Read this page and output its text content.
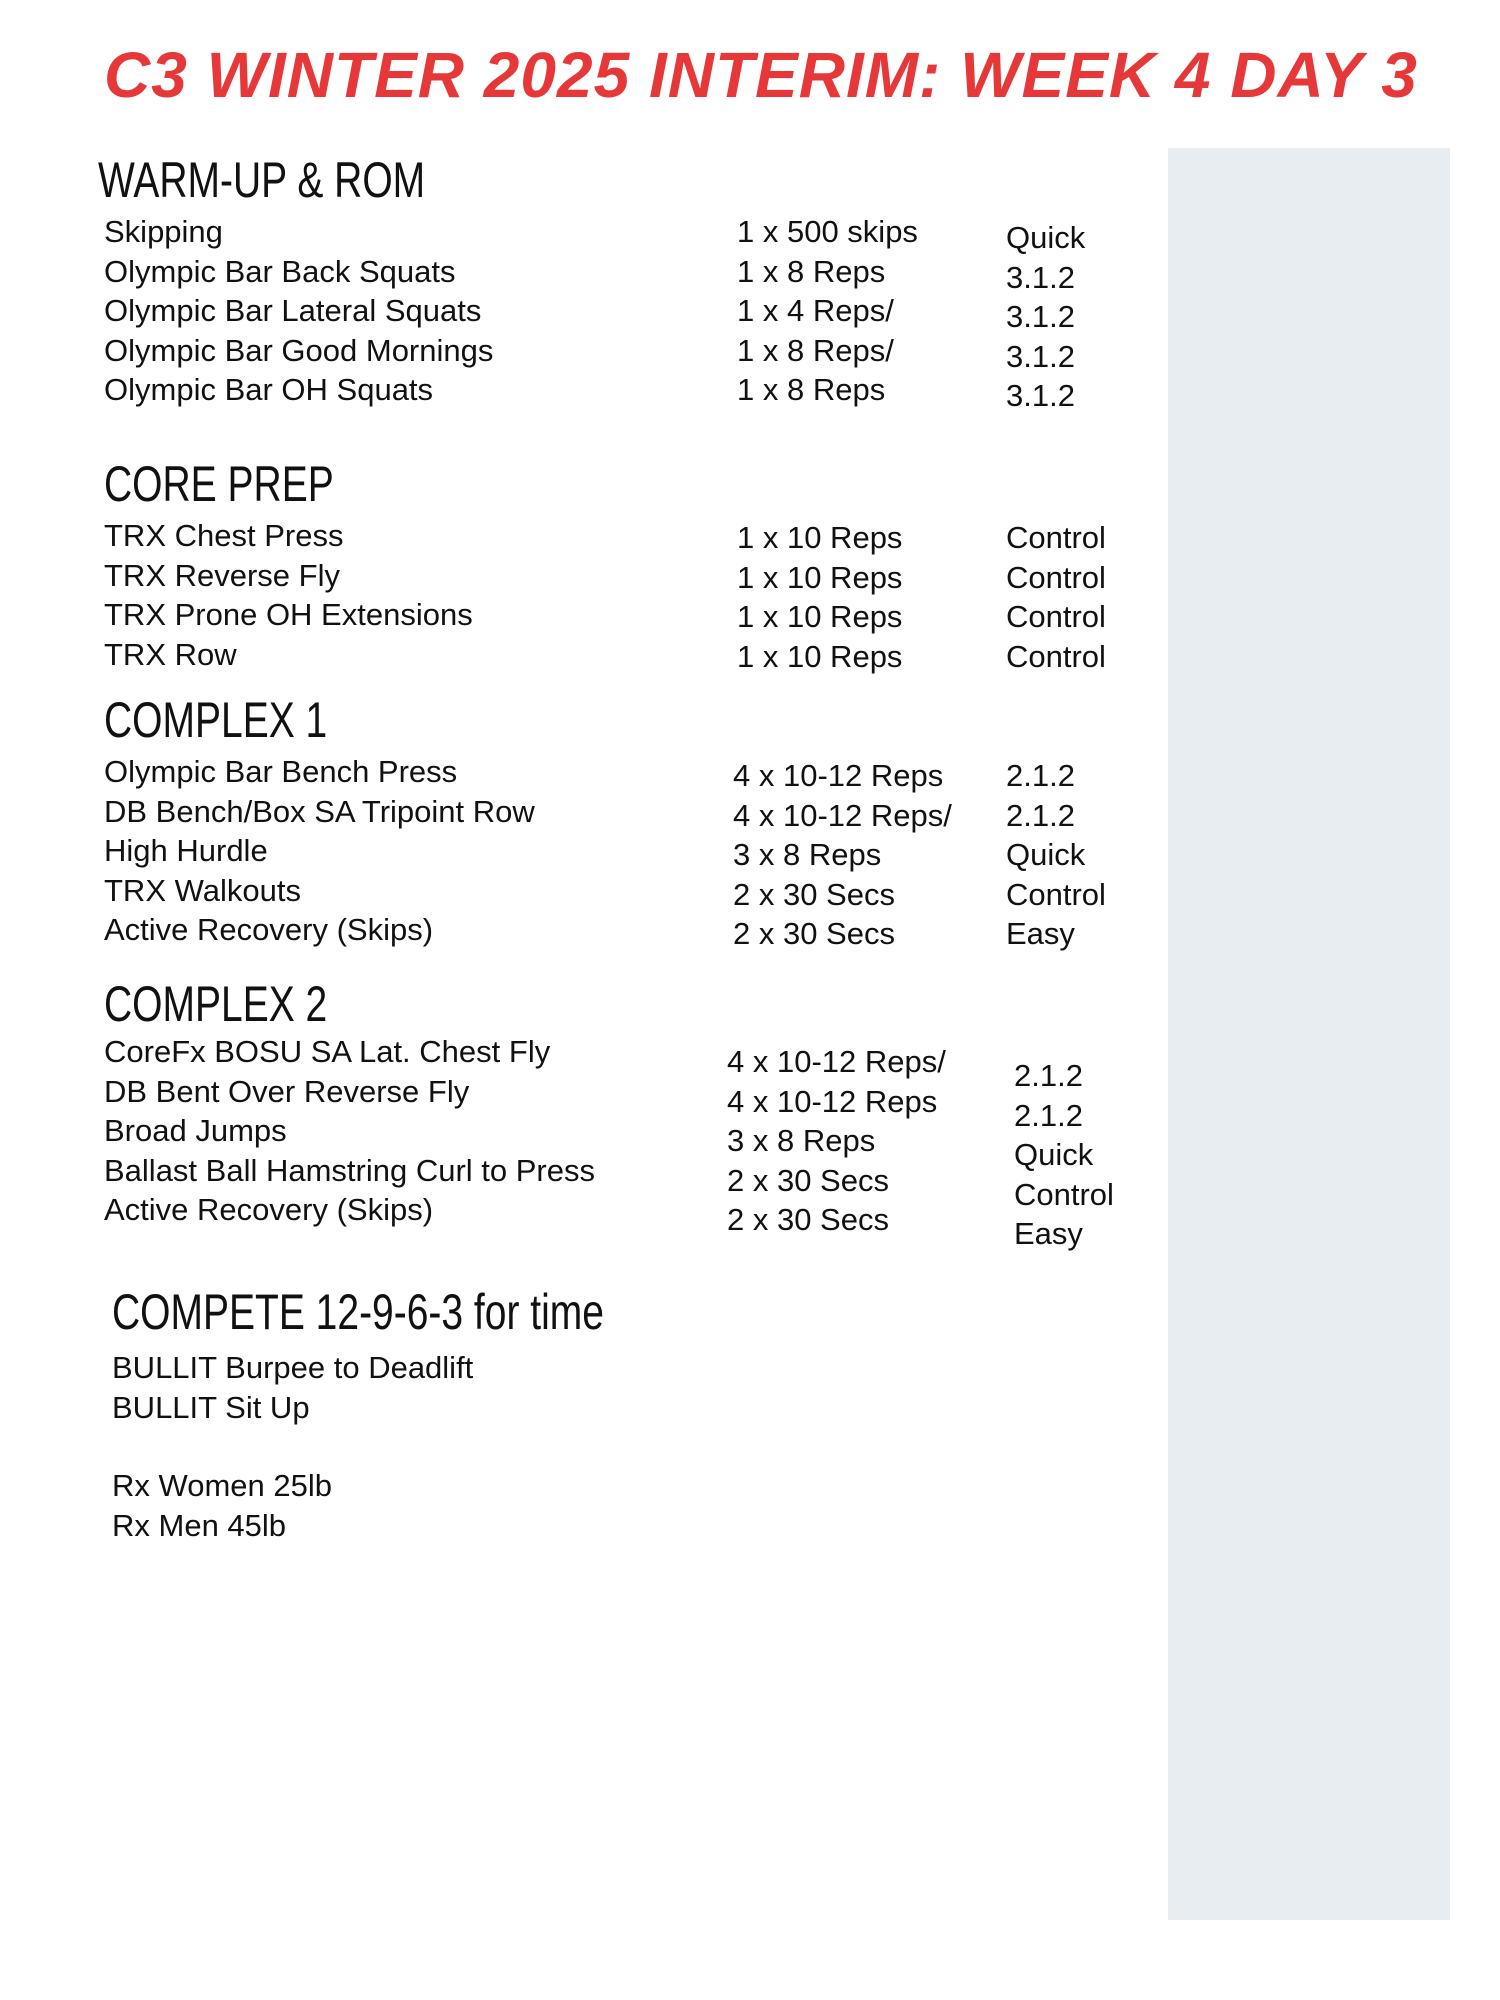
C3 WINTER 2025 INTERIM: WEEK 4 DAY 3
WARM-UP & ROM
Skipping
Olympic Bar Back Squats
Olympic Bar Lateral Squats
Olympic Bar Good Mornings
Olympic Bar OH Squats
1 x 500 skips
1 x 8 Reps
1 x 4 Reps/
1 x 8 Reps/
1 x 8 Reps
Quick
3.1.2
3.1.2
3.1.2
3.1.2
CORE PREP
TRX Chest Press
TRX Reverse Fly
TRX Prone OH Extensions
TRX Row
1 x 10 Reps
1 x 10 Reps
1 x 10 Reps
1 x 10 Reps
Control
Control
Control
Control
COMPLEX 1
Olympic Bar Bench Press
DB Bench/Box SA Tripoint Row
High Hurdle
TRX Walkouts
Active Recovery (Skips)
4 x 10-12 Reps
4 x 10-12 Reps/
3 x 8 Reps
2 x 30 Secs
2 x 30 Secs
2.1.2
2.1.2
Quick
Control
Easy
COMPLEX 2
CoreFx BOSU SA Lat. Chest Fly
DB Bent Over Reverse Fly
Broad Jumps
Ballast Ball Hamstring Curl to Press
Active Recovery (Skips)
4 x 10-12 Reps/
4 x 10-12 Reps
3 x 8 Reps
2 x 30 Secs
2 x 30 Secs
2.1.2
2.1.2
Quick
Control
Easy
COMPETE 12-9-6-3 for time
BULLIT Burpee to Deadlift
BULLIT Sit Up
Rx Women 25lb
Rx Men 45lb
